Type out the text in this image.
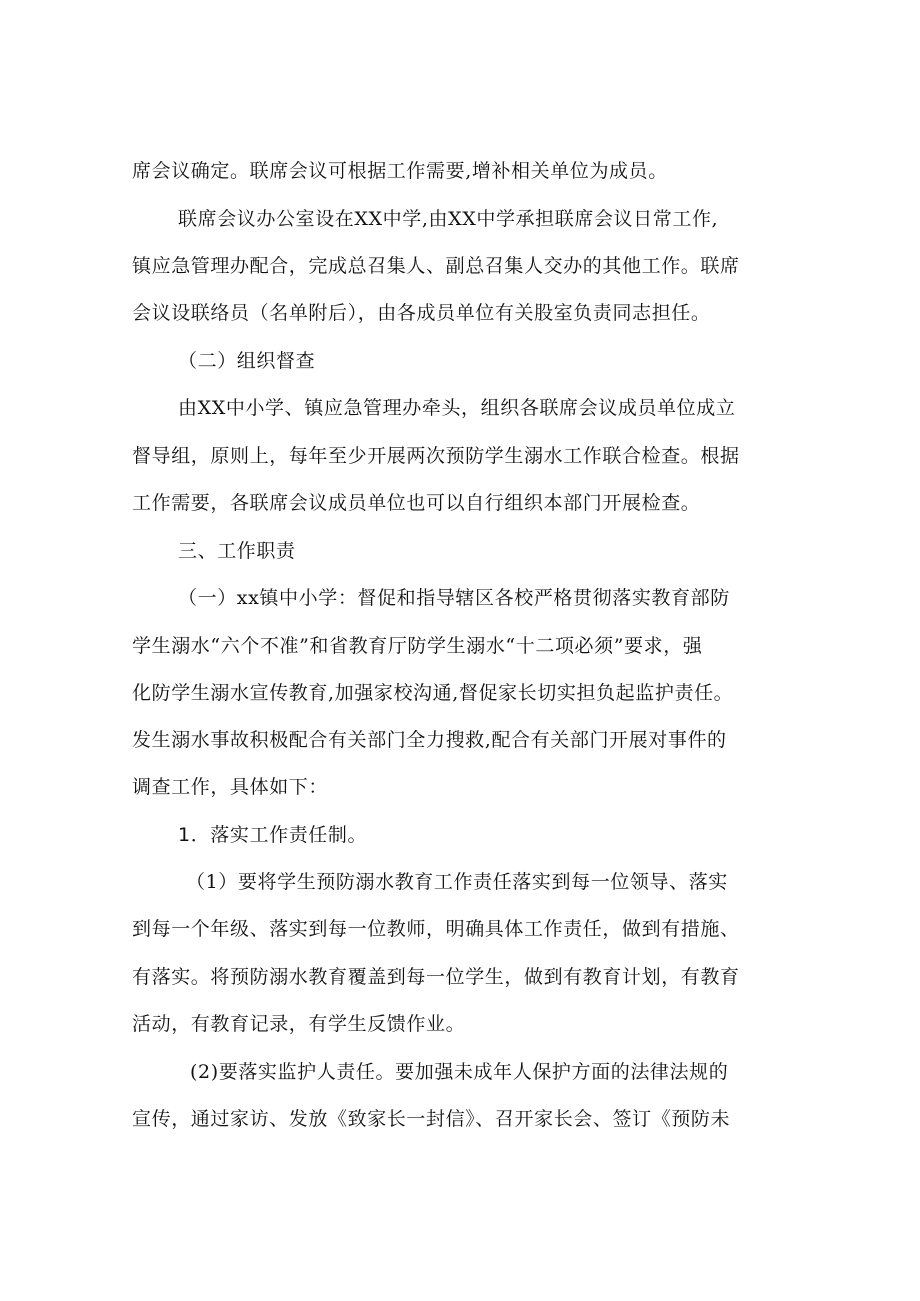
席会议确定。联席会议可根据工作需要,增补相关单位为成员。
联席会议办公室设在XX中学,由XX中学承担联席会议日常工作,
镇应急管理办配合，完成总召集人、副总召集人交办的其他工作。联席
会议设联络员（名单附后），由各成员单位有关股室负责同志担任。
（二）组织督查
由XX中小学、镇应急管理办牵头，组织各联席会议成员单位成立
督导组，原则上，每年至少开展两次预防学生溺水工作联合检查。根据
工作需要，各联席会议成员单位也可以自行组织本部门开展检查。
三、工作职责
（一）xx镇中小学：督促和指导辖区各校严格贯彻落实教育部防
学生溺水“六个不准”和省教育厅防学生溺水“十二项必须”要求，强
化防学生溺水宣传教育,加强家校沟通,督促家长切实担负起监护责任。
发生溺水事故积极配合有关部门全力搜救,配合有关部门开展对事件的
调查工作，具体如下：
1．落实工作责任制。
（1）要将学生预防溺水教育工作责任落实到每一位领导、落实
到每一个年级、落实到每一位教师，明确具体工作责任，做到有措施、
有落实。将预防溺水教育覆盖到每一位学生，做到有教育计划，有教育
活动，有教育记录，有学生反馈作业。
(2)要落实监护人责任。要加强未成年人保护方面的法律法规的
宣传，通过家访、发放《致家长一封信》、召开家长会、签订《预防未
